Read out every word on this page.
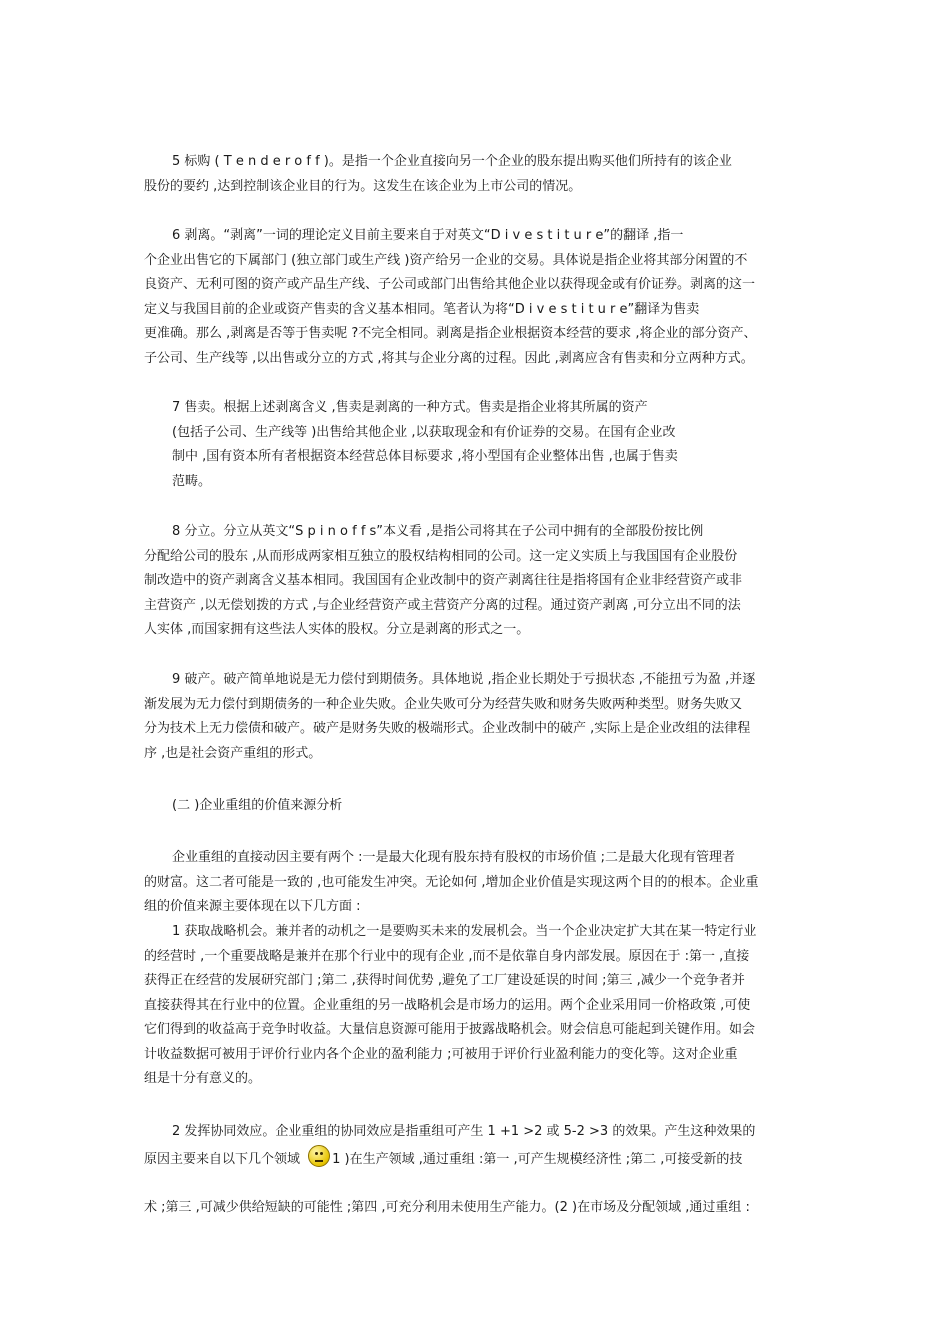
5 标购 ( T e n d e r o f f )。是指一个企业直接向另一个企业的股东提出购买他们所持有的该企业
股份的要约 ,达到控制该企业目的行为。这发生在该企业为上市公司的情况。
6 剥离。“剥离”一词的理论定义目前主要来自于对英文“D i v e s t i t u r e”的翻译 ,指一
个企业出售它的下属部门 (独立部门或生产线 )资产给另一企业的交易。具体说是指企业将其部分闲置的不
良资产、无利可图的资产或产品生产线、子公司或部门出售给其他企业以获得现金或有价证券。剥离的这一
定义与我国目前的企业或资产售卖的含义基本相同。笔者认为将“D i v e s t i t u r e”翻译为售卖
更准确。那么 ,剥离是否等于售卖呢 ?不完全相同。剥离是指企业根据资本经营的要求 ,将企业的部分资产、
子公司、生产线等 ,以出售或分立的方式 ,将其与企业分离的过程。因此 ,剥离应含有售卖和分立两种方式。
7 售卖。根据上述剥离含义 ,售卖是剥离的一种方式。售卖是指企业将其所属的资产
(包括子公司、生产线等 )出售给其他企业 ,以获取现金和有价证券的交易。在国有企业改
制中 ,国有资本所有者根据资本经营总体目标要求 ,将小型国有企业整体出售 ,也属于售卖
范畴。
8 分立。分立从英文“S p i n o f f s”本义看 ,是指公司将其在子公司中拥有的全部股份按比例
分配给公司的股东 ,从而形成两家相互独立的股权结构相同的公司。这一定义实质上与我国国有企业股份
制改造中的资产剥离含义基本相同。我国国有企业改制中的资产剥离往往是指将国有企业非经营资产或非
主营资产 ,以无偿划拨的方式 ,与企业经营资产或主营资产分离的过程。通过资产剥离 ,可分立出不同的法
人实体 ,而国家拥有这些法人实体的股权。分立是剥离的形式之一。
9 破产。破产简单地说是无力偿付到期债务。具体地说 ,指企业长期处于亏损状态 ,不能扭亏为盈 ,并逐
渐发展为无力偿付到期债务的一种企业失败。企业失败可分为经营失败和财务失败两种类型。财务失败又
分为技术上无力偿债和破产。破产是财务失败的极端形式。企业改制中的破产 ,实际上是企业改组的法律程
序 ,也是社会资产重组的形式。
(二 )企业重组的价值来源分析
企业重组的直接动因主要有两个 :一是最大化现有股东持有股权的市场价值 ;二是最大化现有管理者
的财富。这二者可能是一致的 ,也可能发生冲突。无论如何 ,增加企业价值是实现这两个目的的根本。企业重
组的价值来源主要体现在以下几方面 :
1 获取战略机会。兼并者的动机之一是要购买未来的发展机会。当一个企业决定扩大其在某一特定行业
的经营时 ,一个重要战略是兼并在那个行业中的现有企业 ,而不是依靠自身内部发展。原因在于 :第一 ,直接
获得正在经营的发展研究部门 ;第二 ,获得时间优势 ,避免了工厂建设延误的时间 ;第三 ,减少一个竞争者并
直接获得其在行业中的位置。企业重组的另一战略机会是市场力的运用。两个企业采用同一价格政策 ,可使
它们得到的收益高于竞争时收益。大量信息资源可能用于披露战略机会。财会信息可能起到关键作用。如会
计收益数据可被用于评价行业内各个企业的盈利能力 ;可被用于评价行业盈利能力的变化等。这对企业重
组是十分有意义的。
2 发挥协同效应。企业重组的协同效应是指重组可产生 1 +1 >2 或 5-2 >3 的效果。产生这种效果的
原因主要来自以下几个领域
1 )在生产领域 ,通过重组 :第一 ,可产生规模经济性 ;第二 ,可接受新的技
术 ;第三 ,可减少供给短缺的可能性 ;第四 ,可充分利用未使用生产能力。(2 )在市场及分配领域 ,通过重组 :
